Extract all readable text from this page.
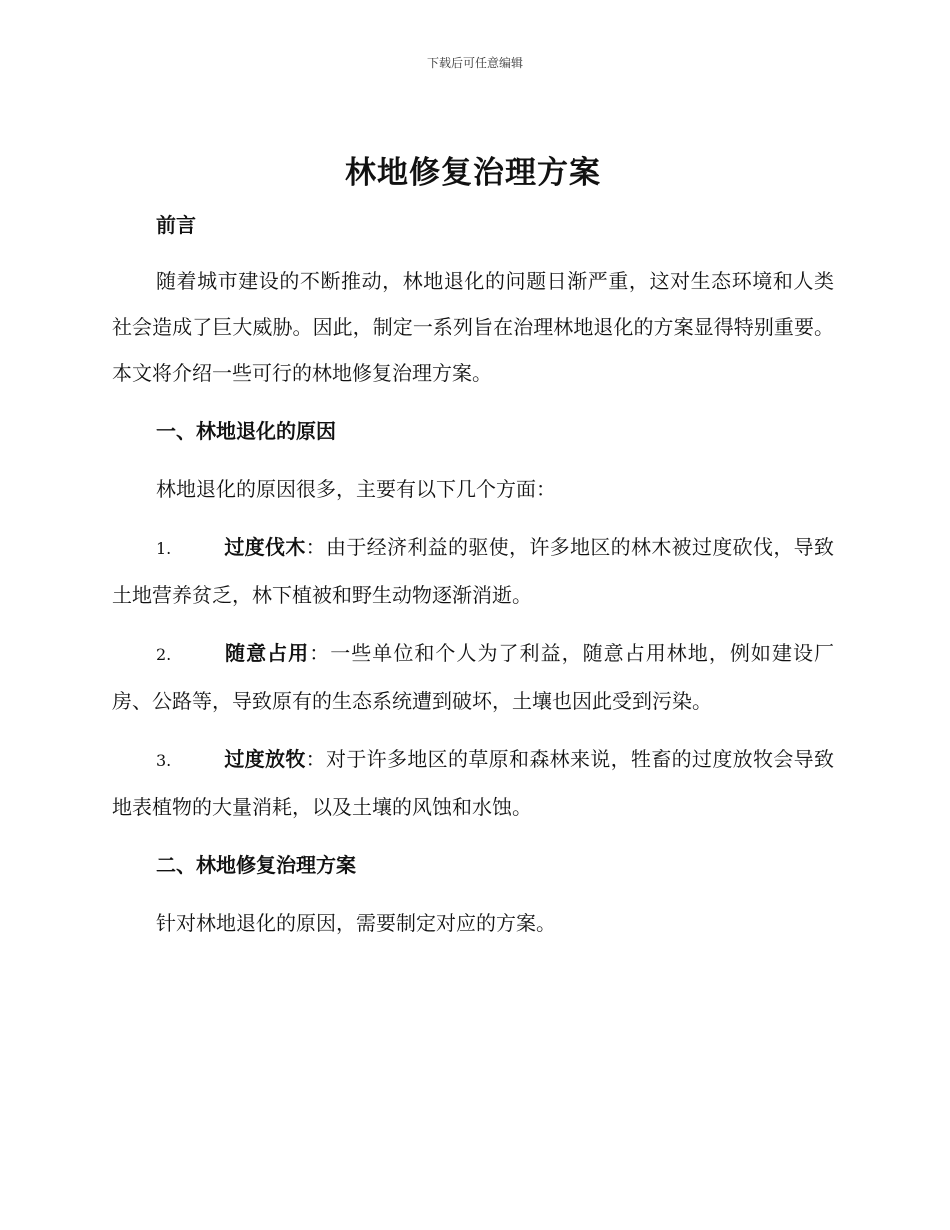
下载后可任意编辑
林地修复治理方案
前言

随着城市建设的不断推动，林地退化的问题日渐严重，这对生态环境和人类社会造成了巨大威胁。因此，制定一系列旨在治理林地退化的方案显得特别重要。本文将介绍一些可行的林地修复治理方案。

一、林地退化的原因

林地退化的原因很多，主要有以下几个方面：

1.	过度伐木：由于经济利益的驱使，许多地区的林木被过度砍伐，导致土地营养贫乏，林下植被和野生动物逐渐消逝。

2.	随意占用：一些单位和个人为了利益，随意占用林地，例如建设厂房、公路等，导致原有的生态系统遭到破坏，土壤也因此受到污染。

3.	过度放牧：对于许多地区的草原和森林来说，牲畜的过度放牧会导致地表植物的大量消耗，以及土壤的风蚀和水蚀。

二、林地修复治理方案

针对林地退化的原因，需要制定对应的方案。
